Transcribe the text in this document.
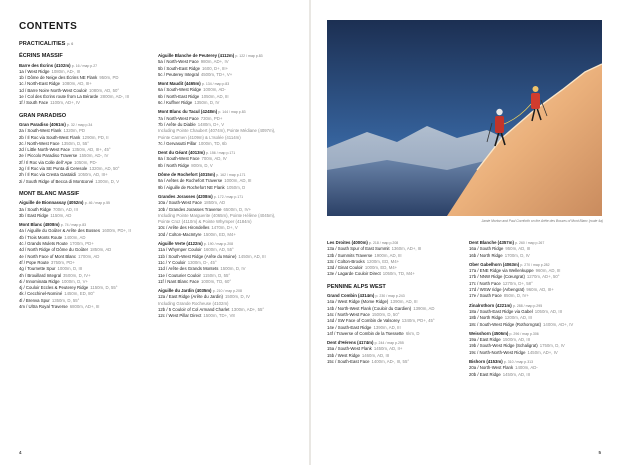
CONTENTS
PRACTICALITIES p. 6
ÉCRINS MASSIF
Barre des Écrins (4102m) p. 16 / map p.27
1a / West Ridge 1080m, AD-, III
1b / Dôme de Neige des Écrins NE Flank 950m, PD
1c / North-East Ridge 1080m, AD, III+
1d / Barre Noire North-West Couloir 1080m, AD, 50°
1e / Col des Écrins route from La Bérarde 2800m, AD-, III
1f / South Face 1100m, AD+, IV
GRAN PARADISO
Gran Paradiso (4061m) p. 32 / map p.34
2a / South-West Flank 1320m, PD
2b / Il Roc via South-West Flank 1290m, PD, II
2c / North-West Face 1350m, D, 55°
2d / Little North-West Face 1350m, AD, III+, 45°
2e / Piccolo Paradiso Traverse 1550m, AD-, IV
2f / Il Roc via Colle dell' Ape 1050m, PD-
2g / Il Roc via SE Punta di Ceresole 1320m, AD, 50°
2h / Il Roc via Cresta Gastaldi 1050m, AD, III+
2i / South Ridge of Becca di Montcorvé 1300m, D, V
MONT BLANC MASSIF
Aiguille de Bionnassay (4052m) p. 46 / map p.55
3a / South Ridge 700m, AD, III
3b / East Ridge 1150m, AD
Mont Blanc (4808m) p. 74 / map p.83
4a / Aiguille du Goûter & Arête des Bosses 1600m, PD+, II
4b / Trois Monts Route 1400m, AD
4c / Grands Mulets Route 1700m, PD+
4d / North Ridge of Dôme du Goûter 1850m, AD
4e / North Face of Mont Blanc 1700m, AD
4f / Pope Route 3750m, PD+
4g / Tournette Spur 1000m, D, III
4h / Brouillard Integral 3500m, D, IV+
4i / Innominata Ridge 1000m, D, V+
4j / Couloir Eccles & Peuterey Ridge 1150m, D, 55°
4k / Cecchinel-Nominé 1450m, ED, 80°
4l / Brenva Spur 1350m, D, 55°
4m / Ultra Royal Traverse 6800m, AD+, III
Aiguille Blanche de Peuterey (4112m) p. 122 / map p.83
5a / North-West Face 980m, AD+, IV
5b / South-East Ridge 1600, D+, III+
5c / Peuterey Integral 4500m, TD+, V+
Mont Maudit (4465m) p. 134 / map p.83
6a / South-West Ridge 1000m, AD-
6b / North-East Ridge 1050m, AD, III
6c / Kuffner Ridge 1350m, D, IV
Mont Blanc du Tacul (4248m) p. 144 / map p.83
7a / North-West Face 730m, PD+
7b / Arête du Diable 1480m, D+, V
Including Pointe Chaubert (4074m), Pointe Médiane (4097m),
Pointe Carmen (4109m) & L'Isolée (4114m)
7c / Gervasutti Pillar 1000m, TD, 6b
Dent du Géant (4013m) p. 156 / map p.171
8a / South-West Face 700m, AD, IV
8b / North Ridge 800m, D, V
Dôme de Rochefort (4015m) p. 162 / map p.171
9a / Arêtes de Rochefort Traverse 1000m, AD, III
9b / Aiguille de Rochefort NE Flank 1050m, D
Grandes Jorasses (4208m) p. 172 / map p.171
10a / South-West Face 1850m, AD
10b / Grandes Jorasses Traverse 6500m, D, IV+
Including Pointe Marguerite (4065m), Pointe Hélène (4045m),
Pointe Croz (4110m) & Pointe Whymper (4184m)
10c / Arête des Hirondelles 1470m, D+, V
10d / Colton-MacIntyre 1500m, ED, M4+
Aiguille Verte (4122m) p. 190 / map p.208
11a / Whymper Couloir 1600m, AD, 55°
11b / South-West Ridge (Arête du Moine) 1450m, AD, III
11c / Y Couloir 1300m, D-, 45°
11d / Arête des Grands Montets 1500m, D, IV
11e / Couturier Couloir 1150m, D, 55°
11f / Nant Blanc Face 1000m, TD, 60°
Aiguille du Jardin (4035m) p. 210 / map p.208
12a / East Ridge (Arête du Jardin) 1500m, D, IV
Including Grande Rocheuse (4102m)
12b / 5 Couloir of Col Armand Charlet 1300m, AD+, 55°
12c / West Pillar Direct 1500m, TD+, V8
4
Jamie Morton and Paul Cornforth on the Arête des Bosses of Mont Blanc (route 4a)
Les Droites (4000m) p. 218 / map p.208
13a / South Spur of East Summit 1360m, AD+, III
13b / Summits Traverse 1900m, AD, III
13c / Colton-Brooks 1200m, ED, M4+
13d / Ginat Couloir 1000m, ED, M4+
13e / Lagarde Couloir Direct 1050m, TD, M4+
PENNINE ALPS WEST
Grand Combin (4314m) p. 230 / map p.243
14a / West Ridge (Mome Ridge) 1390m, AD, III
14b / North-West Flank (Couloir du Gardien) 1390m, AD
14c / North-West Face 1500m, D, 50°
14d / SW Face of Combin de Valsorey 1340m, PD+, 45°
14e / South-East Ridge 1390m, AD, III
14f / Traverse of Combin de la Tsessette 6km, D
Dent d'Hérens (4174m) p. 244 / map p.255
15a / South-West Flank 1450m, AD, II+
15b / West Ridge 1460m, AD, III
15c / South-East Face 1400m, AD-, III, 55°
Dent Blanche (4357m) p. 260 / map p.267
16a / South Ridge 950m, AD, III
16b / North Ridge 1700m, D, IV
Ober Gabelhorn (4063m) p. 270 / map p.282
17a / ENE Ridge via Wellenkuppe 960m, AD, III
17b / NNW Ridge (Cœurgrat) 1270m, AD+, 50°
17c / North Face 1270m, D+, 58°
17d / WSW ridge (Arbengrat) 960m, AD, III+
17e / South Face 850m, D, IV+
Zinalrothorn (4221m) p. 288 / map p.295
18a / South-East Ridge via Gabel 1050m, AD, III
18b / North Ridge 1200m, AD, III
18c / South-West Ridge (Rothorngrat) 1400m, AD+, IV
Weisshorn (4506m) p. 296 / map p.306
19a / East Ridge 1500m, AD, III
19b / South-West Ridge (Schaligrat) 1750m, D, IV
19c / North-North-West Ridge 1450m, AD+, IV
Bishorn (4153m) p. 310 / map p.313
20a / North-West Flank 1400m, AD-
20b / East Ridge 1450m, AD, III
5
